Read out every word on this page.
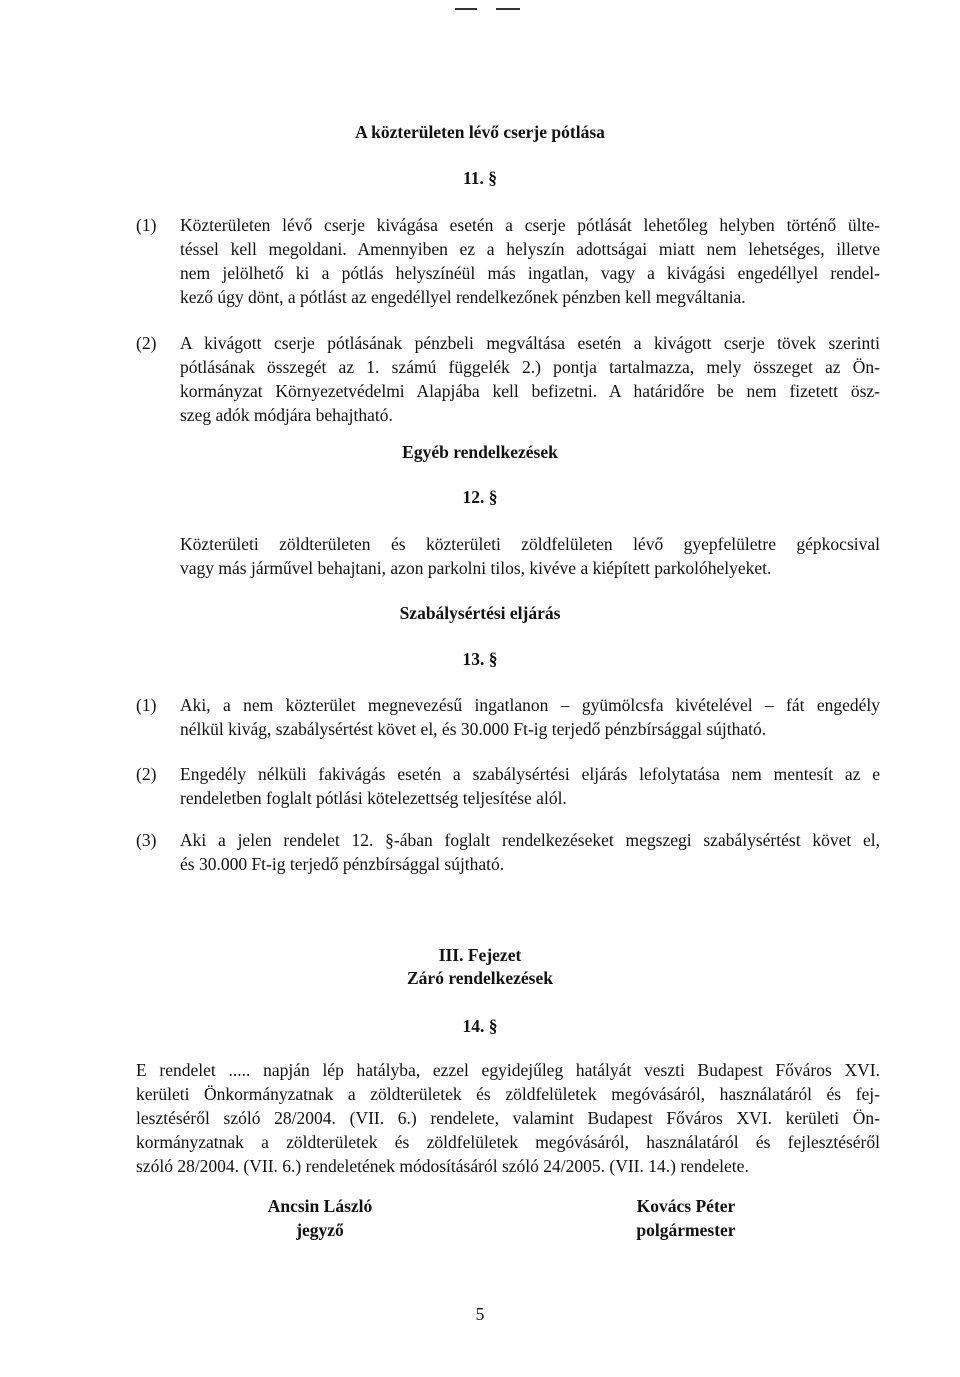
A közterületen lévő cserje pótlása
11. §
(1) Közterületen lévő cserje kivágása esetén a cserje pótlását lehetőleg helyben történő ülte-
téssel kell megoldani. Amennyiben ez a helyszín adottságai miatt nem lehetséges, illetve
nem jelölhető ki a pótlás helyszínéül más ingatlan, vagy a kivágási engedéllyel rendel-
kező úgy dönt, a pótlást az engedéllyel rendelkezőnek pénzben kell megváltania.
(2) A kivágott cserje pótlásának pénzbeli megváltása esetén a kivágott cserje tövek szerinti
pótlásának összegét az 1. számú függelék 2.) pontja tartalmazza, mely összeget az Ön-
kormányzat Környezetvédelmi Alapjába kell befizetni. A határidőre be nem fizetett ösz-
szeg adók módjára behajtható.
Egyéb rendelkezések
12. §
Közterületi zöldterületen és közterületi zöldfelületen lévő gyepfelületre gépkocsival
vagy más járművel behajtani, azon parkolni tilos, kivéve a kiépített parkolóhelyeket.
Szabálysértési eljárás
13. §
(1) Aki, a nem közterület megnevezésű ingatlanon – gyümölcsfa kivételével – fát engedély
nélkül kivág, szabálysértést követ el, és 30.000 Ft-ig terjedő pénzbírsággal sújtható.
(2) Engedély nélküli fakivágás esetén a szabálysértési eljárás lefolytatása nem mentesít az e
rendeletben foglalt pótlási kötelezettség teljesítése alól.
(3) Aki a jelen rendelet 12. §-ában foglalt rendelkezéseket megszegi szabálysértést követ el,
és 30.000 Ft-ig terjedő pénzbírsággal sújtható.
III. Fejezet
Záró rendelkezések
14. §
E rendelet ..... napján lép hatályba, ezzel egyidejűleg hatályát veszti Budapest Főváros XVI.
kerületi Önkormányzatnak a zöldterületek és zöldfelületek megóvásáról, használatáról és fej-
lesztéséről szóló 28/2004. (VII. 6.) rendelete, valamint Budapest Főváros XVI. kerületi Ön-
kormányzatnak a zöldterületek és zöldfelületek megóvásáról, használatáról és fejlesztéséről
szóló 28/2004. (VII. 6.) rendeletének módosításáról szóló 24/2005. (VII. 14.) rendelete.
Ancsin László
jegyző
Kovács Péter
polgármester
5
